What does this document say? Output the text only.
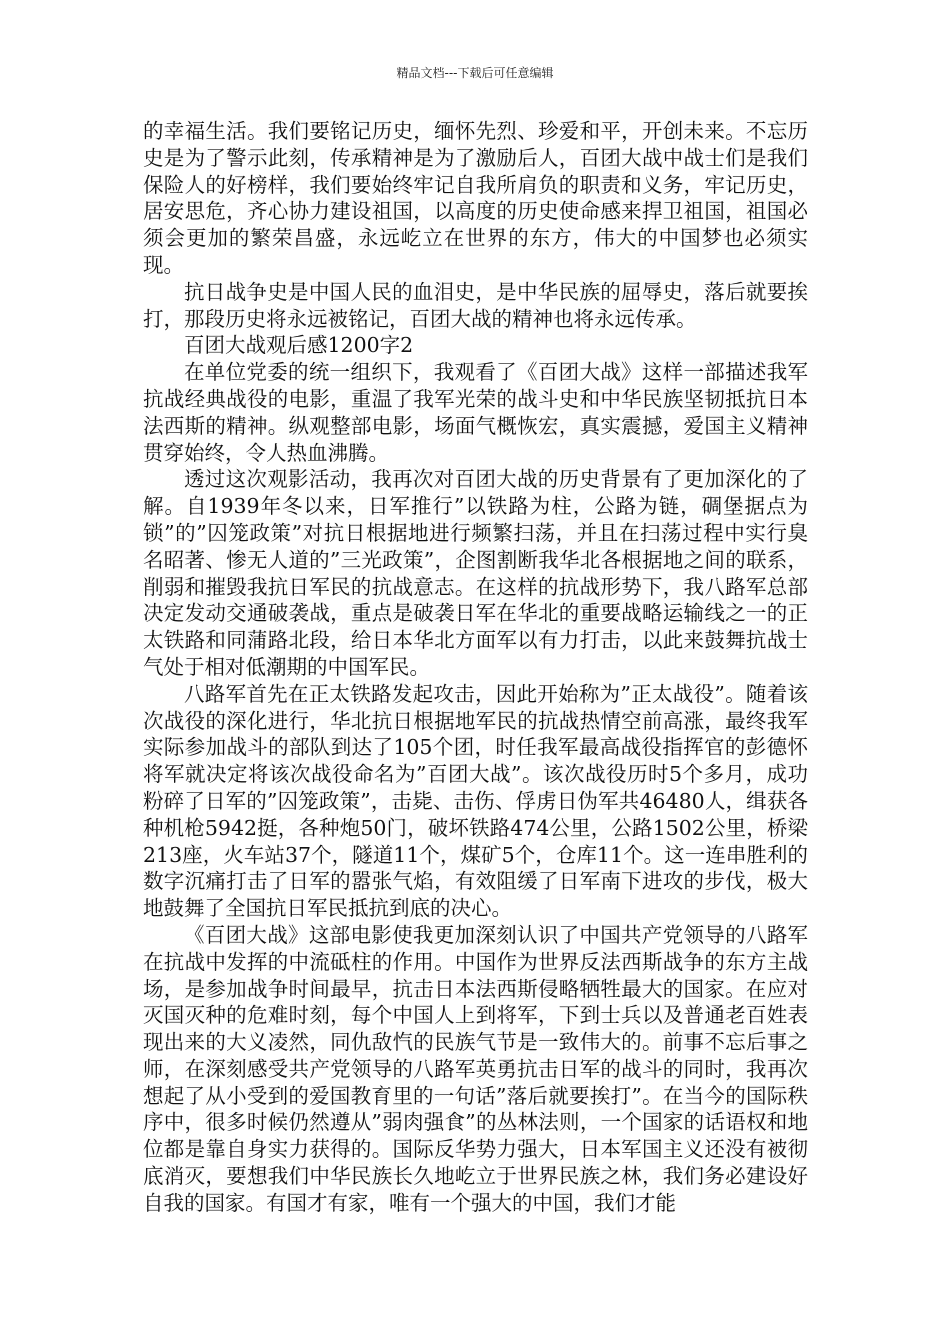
精品文档---下载后可任意编辑

的幸福生活。我们要铭记历史，缅怀先烈、珍爱和平，开创未来。不忘历史是为了警示此刻，传承精神是为了激励后人，百团大战中战士们是我们保险人的好榜样，我们要始终牢记自我所肩负的职责和义务，牢记历史，居安思危，齐心协力建设祖国，以高度的历史使命感来捍卫祖国，祖国必须会更加的繁荣昌盛，永远屹立在世界的东方，伟大的中国梦也必须实现。

抗日战争史是中国人民的血泪史，是中华民族的屈辱史，落后就要挨打，那段历史将永远被铭记，百团大战的精神也将永远传承。

百团大战观后感1200字2

在单位党委的统一组织下，我观看了《百团大战》这样一部描述我军抗战经典战役的电影，重温了我军光荣的战斗史和中华民族坚韧抵抗日本法西斯的精神。纵观整部电影，场面气概恢宏，真实震撼，爱国主义精神贯穿始终，令人热血沸腾。

透过这次观影活动，我再次对百团大战的历史背景有了更加深化的了解。自1939年冬以来，日军推行”以铁路为柱，公路为链，碉堡据点为锁”的”囚笼政策”对抗日根据地进行频繁扫荡，并且在扫荡过程中实行臭名昭著、惨无人道的”三光政策”，企图割断我华北各根据地之间的联系，削弱和摧毁我抗日军民的抗战意志。在这样的抗战形势下，我八路军总部决定发动交通破袭战，重点是破袭日军在华北的重要战略运输线之一的正太铁路和同蒲路北段，给日本华北方面军以有力打击，以此来鼓舞抗战士气处于相对低潮期的中国军民。

八路军首先在正太铁路发起攻击，因此开始称为”正太战役”。随着该次战役的深化进行，华北抗日根据地军民的抗战热情空前高涨，最终我军实际参加战斗的部队到达了105个团，时任我军最高战役指挥官的彭德怀将军就决定将该次战役命名为”百团大战”。该次战役历时5个多月，成功粉碎了日军的”囚笼政策”，击毙、击伤、俘虏日伪军共46480人，缉获各种机枪5942挺，各种炮50门，破坏铁路474公里，公路1502公里，桥梁213座，火车站37个，隧道11个，煤矿5个，仓库11个。这一连串胜利的数字沉痛打击了日军的嚣张气焰，有效阻缓了日军南下进攻的步伐，极大地鼓舞了全国抗日军民抵抗到底的决心。

《百团大战》这部电影使我更加深刻认识了中国共产党领导的八路军在抗战中发挥的中流砥柱的作用。中国作为世界反法西斯战争的东方主战场，是参加战争时间最早，抗击日本法西斯侵略牺牲最大的国家。在应对灭国灭种的危难时刻，每个中国人上到将军，下到士兵以及普通老百姓表现出来的大义凌然，同仇敌忾的民族气节是一致伟大的。前事不忘后事之师，在深刻感受共产党领导的八路军英勇抗击日军的战斗的同时，我再次想起了从小受到的爱国教育里的一句话”落后就要挨打”。在当今的国际秩序中，很多时候仍然遵从”弱肉强食”的丛林法则，一个国家的话语权和地位都是靠自身实力获得的。国际反华势力强大，日本军国主义还没有被彻底消灭，要想我们中华民族长久地屹立于世界民族之林，我们务必建设好自我的国家。有国才有家，唯有一个强大的中国，我们才能
